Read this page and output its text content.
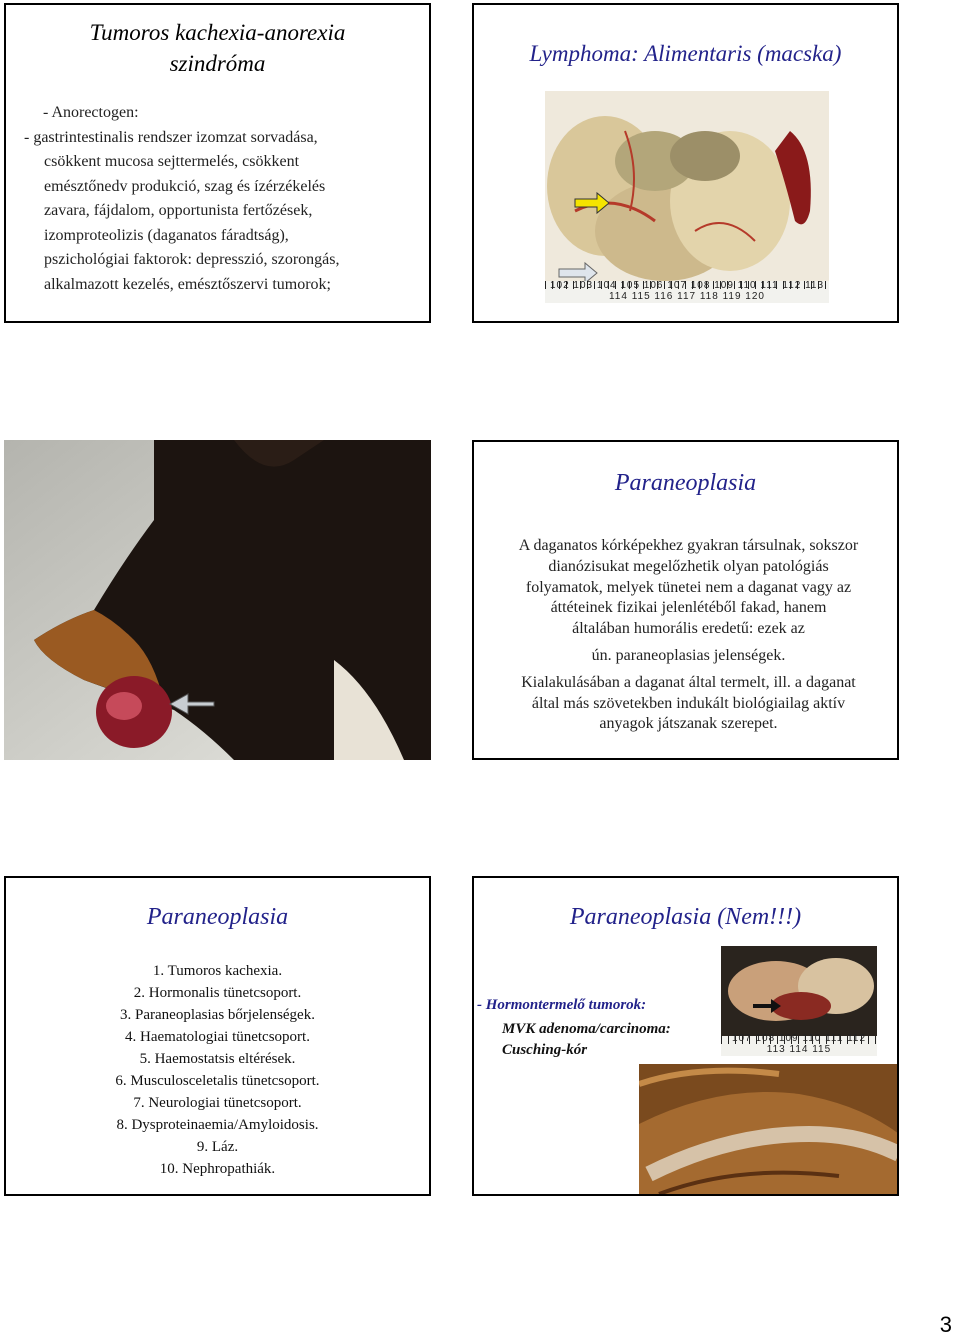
Tumoros kachexia-anorexia
szindróma
- Anorectogen:
- gastrintestinalis rendszer izomzat sorvadása,
csökkent mucosa sejttermelés, csökkent
emésztőnedv produkció, szag és ízérzékelés
zavara, fájdalom, opportunista fertőzések,
izomproteolizis (daganatos fáradtság),
pszichológiai faktorok: depresszió, szorongás,
alkalmazott kezelés, emésztőszervi tumorok;
Lymphoma: Alimentaris (macska)
102 103 104 105 106 107 108 109 110 111 112 113 114 115 116 117 118 119 120
Paraneoplasia
A daganatos kórképekhez gyakran társulnak, sokszor
dianózisukat megelőzhetik olyan patológiás
folyamatok, melyek tünetei nem a daganat vagy az
áttéteinek fizikai jelenlétéből fakad, hanem
általában humorális eredetű: ezek az
ún. paraneoplasias jelenségek.
Kialakulásában a daganat által termelt, ill. a daganat
által más szövetekben indukált biológiailag aktív
anyagok játszanak szerepet.
Paraneoplasia
1. Tumoros kachexia.
2. Hormonalis tünetcsoport.
3. Paraneoplasias bőrjelenségek.
4. Haematologiai tünetcsoport.
5. Haemostatsis eltérések.
6. Musculosceletalis tünetcsoport.
7. Neurologiai tünetcsoport.
8. Dysproteinaemia/Amyloidosis.
9. Láz.
10. Nephropathiák.
Paraneoplasia (Nem!!!)
- Hormontermelő tumorok:
MVK adenoma/carcinoma:
Cusching-kór
107 108 109 110 111 112 113 114 115
3
